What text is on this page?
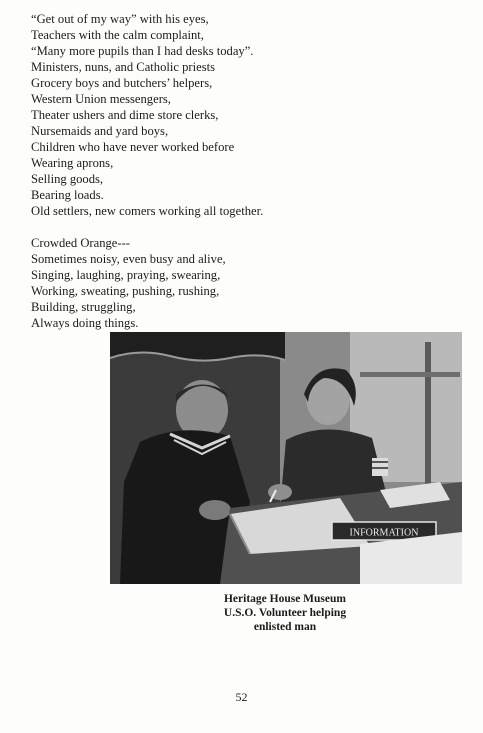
“Get out of my way” with his eyes,
Teachers with the calm complaint,
“Many more pupils than I had desks today”.
Ministers, nuns, and Catholic priests
Grocery boys and butchers’ helpers,
Western Union messengers,
Theater ushers and dime store clerks,
Nursemaids and yard boys,
Children who have never worked before
Wearing aprons,
Selling goods,
Bearing loads.
Old settlers, new comers working all together.
Crowded Orange---
Sometimes noisy, even busy and alive,
Singing, laughing, praying, swearing,
Working, sweating, pushing, rushing,
Building, struggling,
Always doing things.
INFORMATION
Heritage House Museum
U.S.O. Volunteer helping
enlisted man
52
